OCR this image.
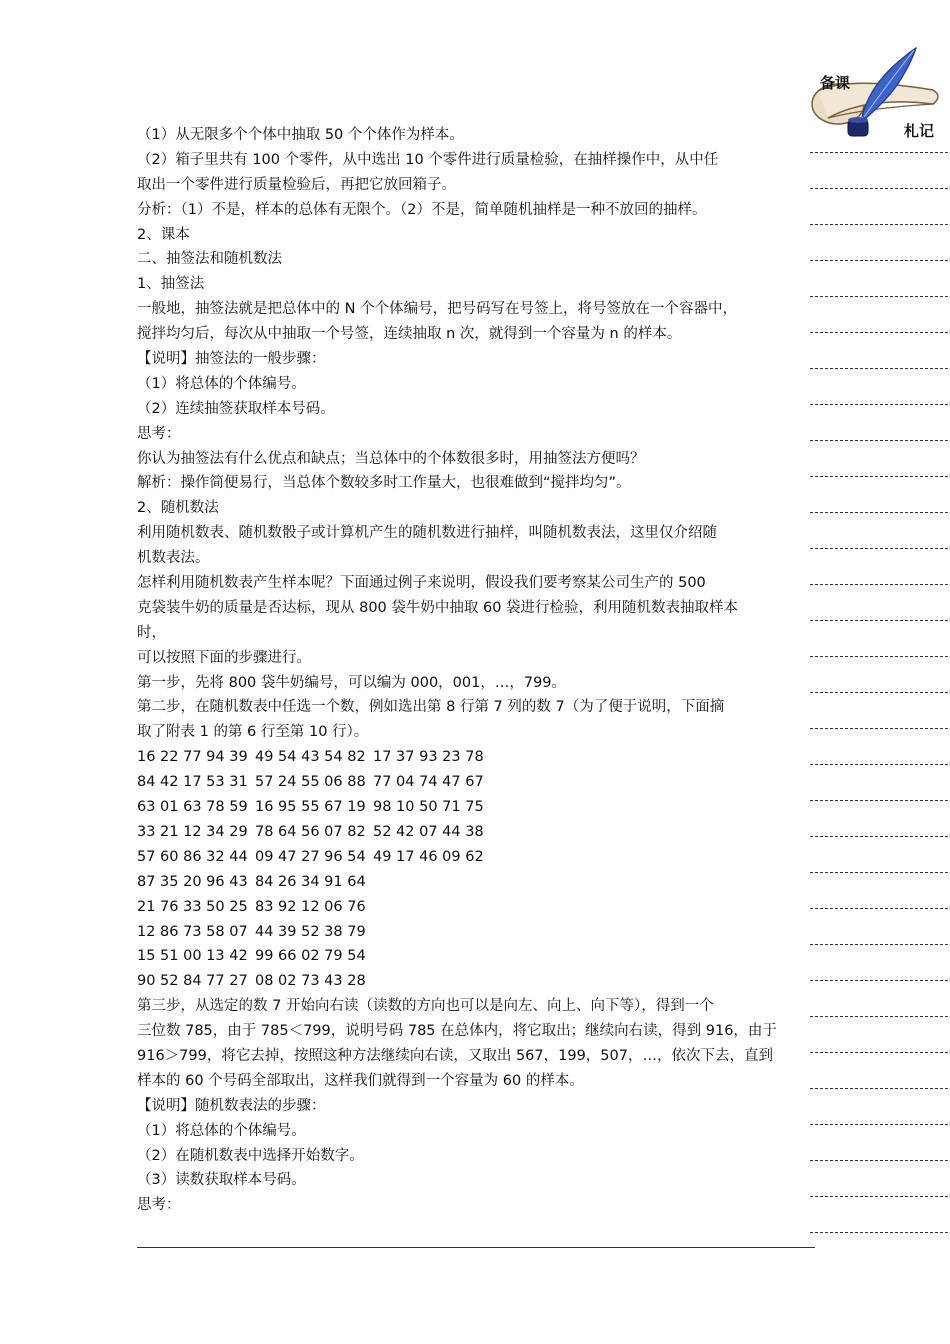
备课
札记
（1）从无限多个个体中抽取 50 个个体作为样本。
（2）箱子里共有 100 个零件，从中选出 10 个零件进行质量检验，在抽样操作中，从中任
取出一个零件进行质量检验后，再把它放回箱子。
分析：（1）不是，样本的总体有无限个。（2）不是，简单随机抽样是一种不放回的抽样。
2、课本
二、抽签法和随机数法
1、抽签法
一般地，抽签法就是把总体中的 N 个个体编号，把号码写在号签上，将号签放在一个容器中，
搅拌均匀后，每次从中抽取一个号签，连续抽取 n 次，就得到一个容量为 n 的样本。
【说明】抽签法的一般步骤：
（1）将总体的个体编号。
（2）连续抽签获取样本号码。
思考：
你认为抽签法有什么优点和缺点；当总体中的个体数很多时，用抽签法方便吗？
解析：操作简便易行，当总体个数较多时工作量大，也很难做到“搅拌均匀”。
2、随机数法
利用随机数表、随机数骰子或计算机产生的随机数进行抽样，叫随机数表法，这里仅介绍随
机数表法。
怎样利用随机数表产生样本呢？下面通过例子来说明，假设我们要考察某公司生产的 500
克袋装牛奶的质量是否达标，现从 800 袋牛奶中抽取 60 袋进行检验，利用随机数表抽取样本
时，
可以按照下面的步骤进行。
第一步，先将 800 袋牛奶编号，可以编为 000，001，…，799。
第二步，在随机数表中任选一个数，例如选出第 8 行第 7 列的数 7（为了便于说明，下面摘
取了附表 1 的第 6 行至第 10 行）。
16 22 77 94 39 49 54 43 54 82 17 37 93 23 78
84 42 17 53 31 57 24 55 06 88 77 04 74 47 67
63 01 63 78 59 16 95 55 67 19 98 10 50 71 75
33 21 12 34 29 78 64 56 07 82 52 42 07 44 38
57 60 86 32 44 09 47 27 96 54 49 17 46 09 62
87 35 20 96 43 84 26 34 91 64
21 76 33 50 25 83 92 12 06 76
12 86 73 58 07 44 39 52 38 79
15 51 00 13 42 99 66 02 79 54
90 52 84 77 27 08 02 73 43 28
第三步，从选定的数 7 开始向右读（读数的方向也可以是向左、向上、向下等），得到一个
三位数 785，由于 785＜799，说明号码 785 在总体内，将它取出；继续向右读，得到 916，由于
916＞799，将它去掉，按照这种方法继续向右读，又取出 567，199，507，…，依次下去，直到
样本的 60 个号码全部取出，这样我们就得到一个容量为 60 的样本。
【说明】随机数表法的步骤：
（1）将总体的个体编号。
（2）在随机数表中选择开始数字。
（3）读数获取样本号码。
思考：
